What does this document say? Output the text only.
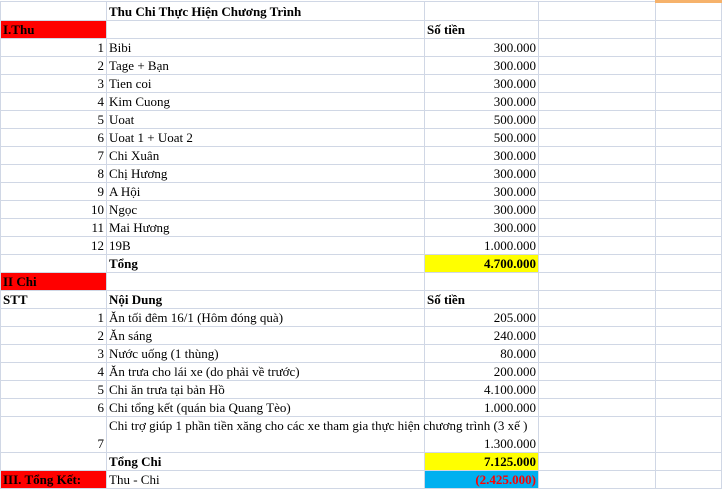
	Thu Chi Thực Hiện Chương Trình			
I.Thu		Số tiền		
1	Bibi	300.000		
2	Tage + Bạn	300.000		
3	Tien coi	300.000		
4	Kim Cuong	300.000		
5	Uoat	500.000		
6	Uoat 1 + Uoat 2	500.000		
7	Chi Xuân	300.000		
8	Chị Hương	300.000		
9	A Hội	300.000		
10	Ngọc	300.000		
11	Mai Hương	300.000		
12	19B	1.000.000		
	Tổng	4.700.000		
II Chi				
STT	Nội Dung	Số tiền		
1	Ăn tối đêm 16/1 (Hôm đóng quà)	205.000		
2	Ăn sáng	240.000		
3	Nước uống (1 thùng)	80.000		
4	Ăn trưa cho lái xe (do phải về trước)	200.000		
5	Chi ăn trưa tại bản Hồ	4.100.000		
6	Chi tổng kết (quán bia Quang Tèo)	1.000.000		
7	Chi trợ giúp 1 phần tiền xăng cho các xe tham gia thực hiện chương trình (3 xế )	1.300.000		
	Tổng Chi	7.125.000		
III. Tổng Kết:	Thu - Chi	(2.425.000)		
